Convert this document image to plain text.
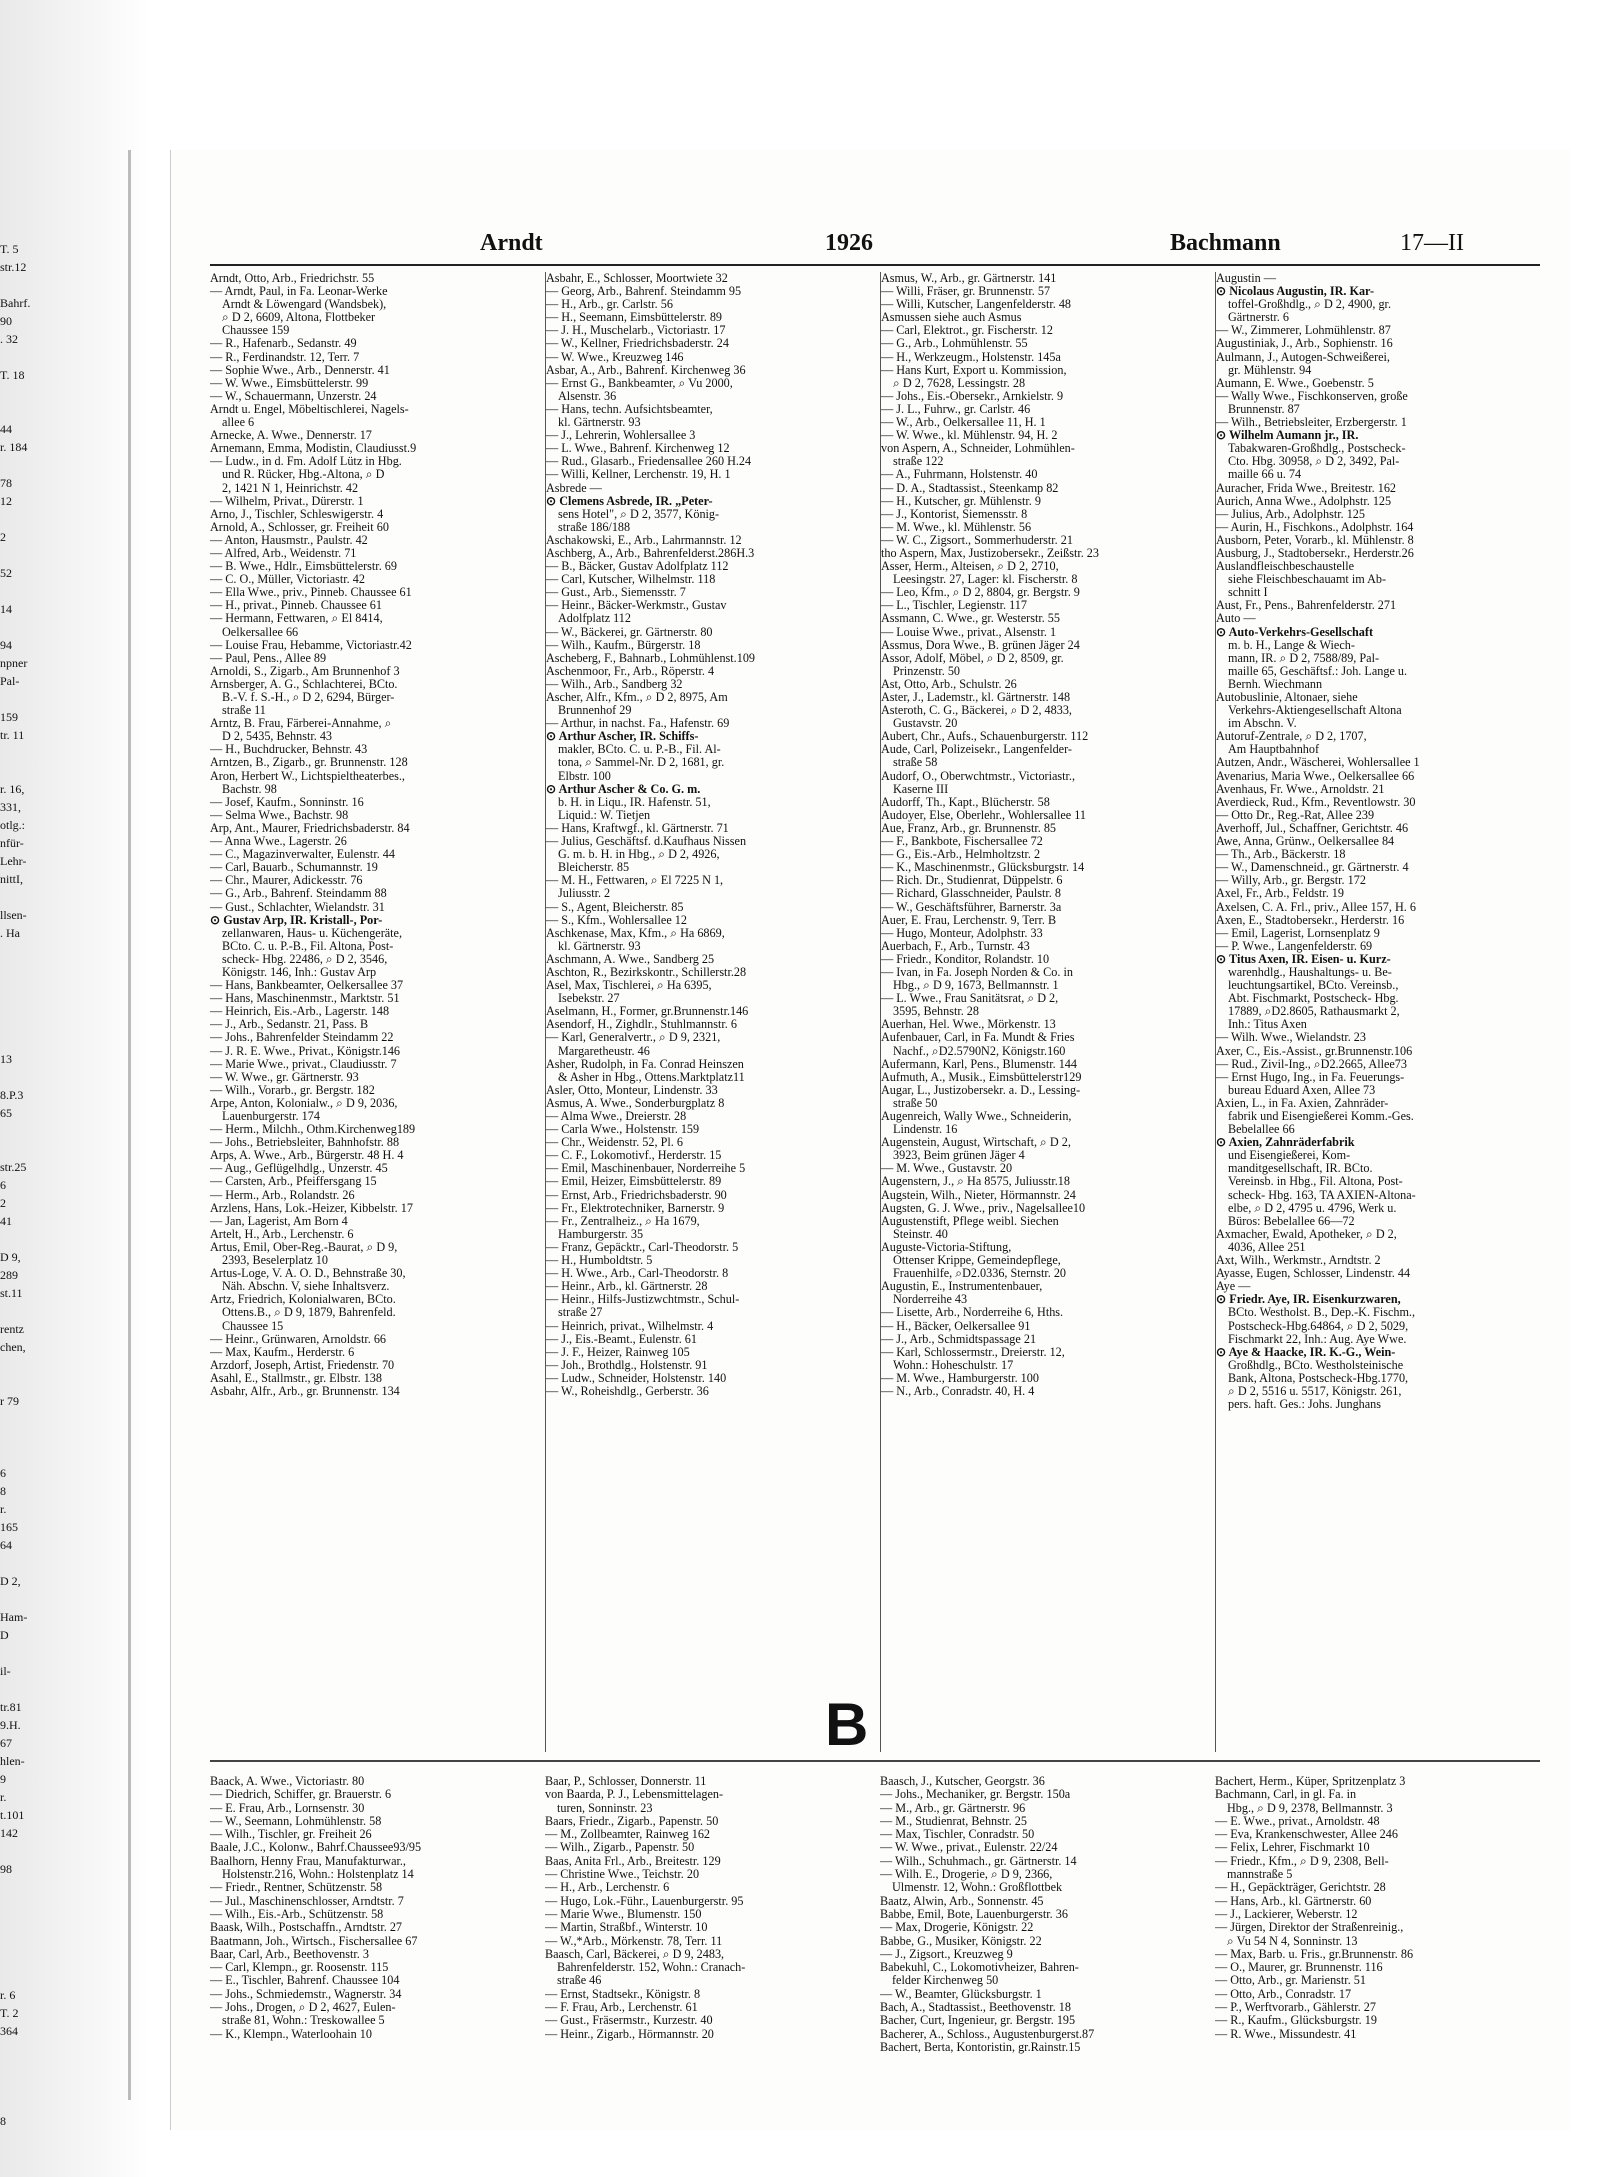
T. 5
str.12

Bahrf.
90
. 32

T. 18

44
r. 184

78
12

2

52

14

94
npner
Pal-

159
tr. 11

r. 16,
331,
otlg.:
nfür-
Lehr-
nittI,

llsen-
. Ha

13

8.P.3
65

str.25
6
2
41

D 9,
289
st.11

rentz
chen,

r 79

6
8
r.
165
64

D 2,

Ham-
D

il-

tr.81
9.H.
67
hlen-
9
r.
t.101
142

98

r. 6
T. 2
364

8
Arndt	1926	Bachmann	17—II
Arndt, Otto, Arb., Friedrichstr. 55
— Arndt, Paul, in Fa. Leonar-Werke
Arndt & Löwengard (Wandsbek),
⌕ D 2, 6609, Altona, Flottbeker
Chaussee 159
— R., Hafenarb., Sedanstr. 49
— R., Ferdinandstr. 12, Terr. 7
— Sophie Wwe., Arb., Dennerstr. 41
— W. Wwe., Eimsbüttelerstr. 99
— W., Schauermann, Unzerstr. 24
Arndt u. Engel, Möbeltischlerei, Nagels-
allee 6
Arnecke, A. Wwe., Dennerstr. 17
Arnemann, Emma, Modistin, Claudiusst.9
— Ludw., in d. Fm. Adolf Lütz in Hbg.
und R. Rücker, Hbg.-Altona, ⌕ D
2, 1421 N 1, Heinrichstr. 42
— Wilhelm, Privat., Dürerstr. 1
Arno, J., Tischler, Schleswigerstr. 4
Arnold, A., Schlosser, gr. Freiheit 60
— Anton, Hausmstr., Paulstr. 42
— Alfred, Arb., Weidenstr. 71
— B. Wwe., Hdlr., Eimsbüttelerstr. 69
— C. O., Müller, Victoriastr. 42
— Ella Wwe., priv., Pinneb. Chaussee 61
— H., privat., Pinneb. Chaussee 61
— Hermann, Fettwaren, ⌕ El 8414,
Oelkersallee 66
— Louise Frau, Hebamme, Victoriastr.42
— Paul, Pens., Allee 89
Arnoldi, S., Zigarb., Am Brunnenhof 3
Arnsberger, A. G., Schlachterei, BCto.
B.-V. f. S.-H., ⌕ D 2, 6294, Bürger-
straße 11
Arntz, B. Frau, Färberei-Annahme, ⌕
D 2, 5435, Behnstr. 43
— H., Buchdrucker, Behnstr. 43
Arntzen, B., Zigarb., gr. Brunnenstr. 128
Aron, Herbert W., Lichtspieltheaterbes.,
Bachstr. 98
— Josef, Kaufm., Sonninstr. 16
— Selma Wwe., Bachstr. 98
Arp, Ant., Maurer, Friedrichsbaderstr. 84
— Anna Wwe., Lagerstr. 26
— C., Magazinverwalter, Eulenstr. 44
— Carl, Bauarb., Schumannstr. 19
— Chr., Maurer, Adickesstr. 76
— G., Arb., Bahrenf. Steindamm 88
— Gust., Schlachter, Wielandstr. 31
⊙ Gustav Arp, IR. Kristall-, Por-
zellanwaren, Haus- u. Küchengeräte,
BCto. C. u. P.-B., Fil. Altona, Post-
scheck- Hbg. 22486, ⌕ D 2, 3546,
Königstr. 146, Inh.: Gustav Arp
— Hans, Bankbeamter, Oelkersallee 37
— Hans, Maschinenmstr., Marktstr. 51
— Heinrich, Eis.-Arb., Lagerstr. 148
— J., Arb., Sedanstr. 21, Pass. B
— Johs., Bahrenfelder Steindamm 22
— J. R. E. Wwe., Privat., Königstr.146
— Marie Wwe., privat., Claudiusstr. 7
— W. Wwe., gr. Gärtnerstr. 93
— Wilh., Vorarb., gr. Bergstr. 182
Arpe, Anton, Kolonialw., ⌕ D 9, 2036,
Lauenburgerstr. 174
— Herm., Milchh., Othm.Kirchenweg189
— Johs., Betriebsleiter, Bahnhofstr. 88
Arps, A. Wwe., Arb., Bürgerstr. 48 H. 4
— Aug., Geflügelhdlg., Unzerstr. 45
— Carsten, Arb., Pfeiffersgang 15
— Herm., Arb., Rolandstr. 26
Arzlens, Hans, Lok.-Heizer, Kibbelstr. 17
— Jan, Lagerist, Am Born 4
Artelt, H., Arb., Lerchenstr. 6
Artus, Emil, Ober-Reg.-Baurat, ⌕ D 9,
2393, Beselerplatz 10
Artus-Loge, V. A. O. D., Behnstraße 30,
Näh. Abschn. V, siehe Inhaltsverz.
Artz, Friedrich, Kolonialwaren, BCto.
Ottens.B., ⌕ D 9, 1879, Bahrenfeld.
Chaussee 15
— Heinr., Grünwaren, Arnoldstr. 66
— Max, Kaufm., Herderstr. 6
Arzdorf, Joseph, Artist, Friedenstr. 70
Asahl, E., Stallmstr., gr. Elbstr. 138
Asbahr, Alfr., Arb., gr. Brunnenstr. 134
Asbahr, E., Schlosser, Moortwiete 32
— Georg, Arb., Bahrenf. Steindamm 95
— H., Arb., gr. Carlstr. 56
— H., Seemann, Eimsbüttelerstr. 89
— J. H., Muschelarb., Victoriastr. 17
— W., Kellner, Friedrichsbaderstr. 24
— W. Wwe., Kreuzweg 146
Asbar, A., Arb., Bahrenf. Kirchenweg 36
— Ernst G., Bankbeamter, ⌕ Vu 2000,
Alsenstr. 36
— Hans, techn. Aufsichtsbeamter,
kl. Gärtnerstr. 93
— J., Lehrerin, Wohlersallee 3
— L. Wwe., Bahrenf. Kirchenweg 12
— Rud., Glasarb., Friedensallee 260 H.24
— Willi, Kellner, Lerchenstr. 19, H. 1
Asbrede —
⊙ Clemens Asbrede, IR. „Peter-
sens Hotel", ⌕ D 2, 3577, König-
straße 186/188
Aschakowski, E., Arb., Lahrmannstr. 12
Aschberg, A., Arb., Bahrenfelderst.286H.3
— B., Bäcker, Gustav Adolfplatz 112
— Carl, Kutscher, Wilhelmstr. 118
— Gust., Arb., Siemensstr. 7
— Heinr., Bäcker-Werkmstr., Gustav
Adolfplatz 112
— W., Bäckerei, gr. Gärtnerstr. 80
— Wilh., Kaufm., Bürgerstr. 18
Ascheberg, F., Bahnarb., Lohmühlenst.109
Aschenmoor, Fr., Arb., Röperstr. 4
— Wilh., Arb., Sandberg 32
Ascher, Alfr., Kfm., ⌕ D 2, 8975, Am
Brunnenhof 29
— Arthur, in nachst. Fa., Hafenstr. 69
⊙ Arthur Ascher, IR. Schiffs-
makler, BCto. C. u. P.-B., Fil. Al-
tona, ⌕ Sammel-Nr. D 2, 1681, gr.
Elbstr. 100
⊙ Arthur Ascher & Co. G. m.
b. H. in Liqu., IR. Hafenstr. 51,
Liquid.: W. Tietjen
— Hans, Kraftwgf., kl. Gärtnerstr. 71
— Julius, Geschäftsf. d.Kaufhaus Nissen
G. m. b. H. in Hbg., ⌕ D 2, 4926,
Bleicherstr. 85
— M. H., Fettwaren, ⌕ El 7225 N 1,
Juliusstr. 2
— S., Agent, Bleicherstr. 85
— S., Kfm., Wohlersallee 12
Aschkenase, Max, Kfm., ⌕ Ha 6869,
kl. Gärtnerstr. 93
Aschmann, A. Wwe., Sandberg 25
Aschton, R., Bezirkskontr., Schillerstr.28
Asel, Max, Tischlerei, ⌕ Ha 6395,
Isebekstr. 27
Aselmann, H., Former, gr.Brunnenstr.146
Asendorf, H., Zighdlr., Stuhlmannstr. 6
— Karl, Generalvertr., ⌕ D 9, 2321,
Margaretheustr. 46
Asher, Rudolph, in Fa. Conrad Heinszen
& Asher in Hbg., Ottens.Marktplatz11
Asler, Otto, Monteur, Lindenstr. 33
Asmus, A. Wwe., Sonderburgplatz 8
— Alma Wwe., Dreierstr. 28
— Carla Wwe., Holstenstr. 159
— Chr., Weidenstr. 52, Pl. 6
— C. F., Lokomotivf., Herderstr. 15
— Emil, Maschinenbauer, Norderreihe 5
— Emil, Heizer, Eimsbüttelerstr. 89
— Ernst, Arb., Friedrichsbaderstr. 90
— Fr., Elektrotechniker, Barnerstr. 9
— Fr., Zentralheiz., ⌕ Ha 1679,
Hamburgerstr. 35
— Franz, Gepäcktr., Carl-Theodorstr. 5
— H., Humboldtstr. 5
— H. Wwe., Arb., Carl-Theodorstr. 8
— Heinr., Arb., kl. Gärtnerstr. 28
— Heinr., Hilfs-Justizwchtmstr., Schul-
straße 27
— Heinrich, privat., Wilhelmstr. 4
— J., Eis.-Beamt., Eulenstr. 61
— J. F., Heizer, Rainweg 105
— Joh., Brothdlg., Holstenstr. 91
— Ludw., Schneider, Holstenstr. 140
— W., Roheishdlg., Gerberstr. 36
Asmus, W., Arb., gr. Gärtnerstr. 141
— Willi, Fräser, gr. Brunnenstr. 57
— Willi, Kutscher, Langenfelderstr. 48
Asmussen siehe auch Asmus
— Carl, Elektrot., gr. Fischerstr. 12
— G., Arb., Lohmühlenstr. 55
— H., Werkzeugm., Holstenstr. 145a
— Hans Kurt, Export u. Kommission,
⌕ D 2, 7628, Lessingstr. 28
— Johs., Eis.-Obersekr., Arnkielstr. 9
— J. L., Fuhrw., gr. Carlstr. 46
— W., Arb., Oelkersallee 11, H. 1
— W. Wwe., kl. Mühlenstr. 94, H. 2
von Aspern, A., Schneider, Lohmühlen-
straße 122
— A., Fuhrmann, Holstenstr. 40
— D. A., Stadtassist., Steenkamp 82
— H., Kutscher, gr. Mühlenstr. 9
— J., Kontorist, Siemensstr. 8
— M. Wwe., kl. Mühlenstr. 56
— W. C., Zigsort., Sommerhuderstr. 21
tho Aspern, Max, Justizobersekr., Zeißstr. 23
Asser, Herm., Alteisen, ⌕ D 2, 2710,
Leesingstr. 27, Lager: kl. Fischerstr. 8
— Leo, Kfm., ⌕ D 2, 8804, gr. Bergstr. 9
— L., Tischler, Legienstr. 117
Assmann, C. Wwe., gr. Westerstr. 55
— Louise Wwe., privat., Alsenstr. 1
Assmus, Dora Wwe., B. grünen Jäger 24
Assor, Adolf, Möbel, ⌕ D 2, 8509, gr.
Prinzenstr. 50
Ast, Otto, Arb., Schulstr. 26
Aster, J., Lademstr., kl. Gärtnerstr. 148
Asteroth, C. G., Bäckerei, ⌕ D 2, 4833,
Gustavstr. 20
Aubert, Chr., Aufs., Schauenburgerstr. 112
Aude, Carl, Polizeisekr., Langenfelder-
straße 58
Audorf, O., Oberwchtmstr., Victoriastr.,
Kaserne III
Audorff, Th., Kapt., Blücherstr. 58
Audoyer, Else, Oberlehr., Wohlersallee 11
Aue, Franz, Arb., gr. Brunnenstr. 85
— F., Bankbote, Fischersallee 72
— G., Eis.-Arb., Helmholtzstr. 2
— K., Maschinenmstr., Glücksburgstr. 14
— Rich. Dr., Studienrat, Düppelstr. 6
— Richard, Glasschneider, Paulstr. 8
— W., Geschäftsführer, Barnerstr. 3a
Auer, E. Frau, Lerchenstr. 9, Terr. B
— Hugo, Monteur, Adolphstr. 33
Auerbach, F., Arb., Turnstr. 43
— Friedr., Konditor, Rolandstr. 10
— Ivan, in Fa. Joseph Norden & Co. in
Hbg., ⌕ D 9, 1673, Bellmannstr. 1
— L. Wwe., Frau Sanitätsrat, ⌕ D 2,
3595, Behnstr. 28
Auerhan, Hel. Wwe., Mörkenstr. 13
Aufenbauer, Carl, in Fa. Mundt & Fries
Nachf., ⌕D2.5790N2, Königstr.160
Aufermann, Karl, Pens., Blumenstr. 144
Aufmuth, A., Musik., Eimsbüttelerstr129
Augar, L., Justizobersekr. a. D., Lessing-
straße 50
Augenreich, Wally Wwe., Schneiderin,
Lindenstr. 16
Augenstein, August, Wirtschaft, ⌕ D 2,
3923, Beim grünen Jäger 4
— M. Wwe., Gustavstr. 20
Augenstern, J., ⌕ Ha 8575, Juliusstr.18
Augstein, Wilh., Nieter, Hörmannstr. 24
Augsten, G. J. Wwe., priv., Nagelsallee10
Augustenstift, Pflege weibl. Siechen
Steinstr. 40
Auguste-Victoria-Stiftung,
Ottenser Krippe, Gemeindepflege,
Frauenhilfe, ⌕D2.0336, Sternstr. 20
Augustin, E., Instrumentenbauer,
Norderreihe 43
— Lisette, Arb., Norderreihe 6, Hths.
— H., Bäcker, Oelkersallee 91
— J., Arb., Schmidtspassage 21
— Karl, Schlossermstr., Dreierstr. 12,
Wohn.: Hoheschulstr. 17
— M. Wwe., Hamburgerstr. 100
— N., Arb., Conradstr. 40, H. 4
Augustin —
⊙ Nicolaus Augustin, IR. Kar-
toffel-Großhdlg., ⌕ D 2, 4900, gr.
Gärtnerstr. 6
— W., Zimmerer, Lohmühlenstr. 87
Augustiniak, J., Arb., Sophienstr. 16
Aulmann, J., Autogen-Schweißerei,
gr. Mühlenstr. 94
Aumann, E. Wwe., Goebenstr. 5
— Wally Wwe., Fischkonserven, große
Brunnenstr. 87
— Wilh., Betriebsleiter, Erzbergerstr. 1
⊙ Wilhelm Aumann jr., IR.
Tabakwaren-Großhdlg., Postscheck-
Cto. Hbg. 30958, ⌕ D 2, 3492, Pal-
maille 66 u. 74
Auracher, Frida Wwe., Breitestr. 162
Aurich, Anna Wwe., Adolphstr. 125
— Julius, Arb., Adolphstr. 125
— Aurin, H., Fischkons., Adolphstr. 164
Ausborn, Peter, Vorarb., kl. Mühlenstr. 8
Ausburg, J., Stadtobersekr., Herderstr.26
Auslandfleischbeschaustelle
siehe Fleischbeschauamt im Ab-
schnitt I
Aust, Fr., Pens., Bahrenfelderstr. 271
Auto —
⊙ Auto-Verkehrs-Gesellschaft
m. b. H., Lange & Wiech-
mann, IR. ⌕ D 2, 7588/89, Pal-
maille 65, Geschäftsf.: Joh. Lange u.
Bernh. Wiechmann
Autobuslinie, Altonaer, siehe
Verkehrs-Aktiengesellschaft Altona
im Abschn. V.
Autoruf-Zentrale, ⌕ D 2, 1707,
Am Hauptbahnhof
Autzen, Andr., Wäscherei, Wohlersallee 1
Avenarius, Maria Wwe., Oelkersallee 66
Avenhaus, Fr. Wwe., Arnoldstr. 21
Averdieck, Rud., Kfm., Reventlowstr. 30
— Otto Dr., Reg.-Rat, Allee 239
Averhoff, Jul., Schaffner, Gerichtstr. 46
Awe, Anna, Grünw., Oelkersallee 84
— Th., Arb., Bäckerstr. 18
— W., Damenschneid., gr. Gärtnerstr. 4
— Willy, Arb., gr. Bergstr. 172
Axel, Fr., Arb., Feldstr. 19
Axelsen, C. A. Frl., priv., Allee 157, H. 6
Axen, E., Stadtobersekr., Herderstr. 16
— Emil, Lagerist, Lornsenplatz 9
— P. Wwe., Langenfelderstr. 69
⊙ Titus Axen, IR. Eisen- u. Kurz-
warenhdlg., Haushaltungs- u. Be-
leuchtungsartikel, BCto. Vereinsb.,
Abt. Fischmarkt, Postscheck- Hbg.
17889, ⌕D2.8605, Rathausmarkt 2,
Inh.: Titus Axen
— Wilh. Wwe., Wielandstr. 23
Axer, C., Eis.-Assist., gr.Brunnenstr.106
— Rud., Zivil-Ing., ⌕D2.2665, Allee73
— Ernst Hugo, Ing., in Fa. Feuerungs-
bureau Eduard Axen, Allee 73
Axien, L., in Fa. Axien, Zahnräder-
fabrik und Eisengießerei Komm.-Ges.
Bebelallee 66
⊙ Axien, Zahnräderfabrik
und Eisengießerei, Kom-
manditgesellschaft, IR. BCto.
Vereinsb. in Hbg., Fil. Altona, Post-
scheck- Hbg. 163, TA AXIEN-Altona-
elbe, ⌕ D 2, 4795 u. 4796, Werk u.
Büros: Bebelallee 66—72
Axmacher, Ewald, Apotheker, ⌕ D 2,
4036, Allee 251
Axt, Wilh., Werkmstr., Arndtstr. 2
Ayasse, Eugen, Schlosser, Lindenstr. 44
Aye —
⊙ Friedr. Aye, IR. Eisenkurzwaren,
BCto. Westholst. B., Dep.-K. Fischm.,
Postscheck-Hbg.64864, ⌕ D 2, 5029,
Fischmarkt 22, Inh.: Aug. Aye Wwe.
⊙ Aye & Haacke, IR. K.-G., Wein-
Großhdlg., BCto. Westholsteinische
Bank, Altona, Postscheck-Hbg.1770,
⌕ D 2, 5516 u. 5517, Königstr. 261,
pers. haft. Ges.: Johs. Junghans
B
Baack, A. Wwe., Victoriastr. 80
— Diedrich, Schiffer, gr. Brauerstr. 6
— E. Frau, Arb., Lornsenstr. 30
— W., Seemann, Lohmühlenstr. 58
— Wilh., Tischler, gr. Freiheit 26
Baale, J.C., Kolonw., Bahrf.Chaussee93/95
Baalhorn, Henny Frau, Manufakturwar.,
Holstenstr.216, Wohn.: Holstenplatz 14
— Friedr., Rentner, Schützenstr. 58
— Jul., Maschinenschlosser, Arndtstr. 7
— Wilh., Eis.-Arb., Schützenstr. 58
Baask, Wilh., Postschaffn., Arndtstr. 27
Baatmann, Joh., Wirtsch., Fischersallee 67
Baar, Carl, Arb., Beethovenstr. 3
— Carl, Klempn., gr. Roosenstr. 115
— E., Tischler, Bahrenf. Chaussee 104
— Johs., Schmiedemstr., Wagnerstr. 34
— Johs., Drogen, ⌕ D 2, 4627, Eulen-
straße 81, Wohn.: Treskowallee 5
— K., Klempn., Waterloohain 10
Baar, P., Schlosser, Donnerstr. 11
von Baarda, P. J., Lebensmittelagen-
turen, Sonninstr. 23
Baars, Friedr., Zigarb., Papenstr. 50
— M., Zollbeamter, Rainweg 162
— Wilh., Zigarb., Papenstr. 50
Baas, Anita Frl., Arb., Breitestr. 129
— Christine Wwe., Teichstr. 20
— H., Arb., Lerchenstr. 6
— Hugo, Lok.-Führ., Lauenburgerstr. 95
— Marie Wwe., Blumenstr. 150
— Martin, Straßbf., Winterstr. 10
— W.,*Arb., Mörkenstr. 78, Terr. 11
Baasch, Carl, Bäckerei, ⌕ D 9, 2483,
Bahrenfelderstr. 152, Wohn.: Cranach-
straße 46
— Ernst, Stadtsekr., Königstr. 8
— F. Frau, Arb., Lerchenstr. 61
— Gust., Fräsermstr., Kurzestr. 40
— Heinr., Zigarb., Hörmannstr. 20
Baasch, J., Kutscher, Georgstr. 36
— Johs., Mechaniker, gr. Bergstr. 150a
— M., Arb., gr. Gärtnerstr. 96
— M., Studienrat, Behnstr. 25
— Max, Tischler, Conradstr. 50
— W. Wwe., privat., Eulenstr. 22/24
— Wilh., Schuhmach., gr. Gärtnerstr. 14
— Wilh. E., Drogerie, ⌕ D 9, 2366,
Ulmenstr. 12, Wohn.: Großflottbek
Baatz, Alwin, Arb., Sonnenstr. 45
Babbe, Emil, Bote, Lauenburgerstr. 36
— Max, Drogerie, Königstr. 22
Babbe, G., Musiker, Königstr. 22
— J., Zigsort., Kreuzweg 9
Babekuhl, C., Lokomotivheizer, Bahren-
felder Kirchenweg 50
— W., Beamter, Glücksburgstr. 1
Bach, A., Stadtassist., Beethovenstr. 18
Bacher, Curt, Ingenieur, gr. Bergstr. 195
Bacherer, A., Schloss., Augustenburgerst.87
Bachert, Berta, Kontoristin, gr.Rainstr.15
Bachert, Herm., Küper, Spritzenplatz 3
Bachmann, Carl, in gl. Fa. in
Hbg., ⌕ D 9, 2378, Bellmannstr. 3
— E. Wwe., privat., Arnoldstr. 48
— Eva, Krankenschwester, Allee 246
— Felix, Lehrer, Fischmarkt 10
— Friedr., Kfm., ⌕ D 9, 2308, Bell-
mannstraße 5
— H., Gepäckträger, Gerichtstr. 28
— Hans, Arb., kl. Gärtnerstr. 60
— J., Lackierer, Weberstr. 12
— Jürgen, Direktor der Straßenreinig.,
⌕ Vu 54 N 4, Sonninstr. 13
— Max, Barb. u. Fris., gr.Brunnenstr. 86
— O., Maurer, gr. Brunnenstr. 116
— Otto, Arb., gr. Marienstr. 51
— Otto, Arb., Conradstr. 17
— P., Werftvorarb., Gählerstr. 27
— R., Kaufm., Glücksburgstr. 19
— R. Wwe., Missundestr. 41
